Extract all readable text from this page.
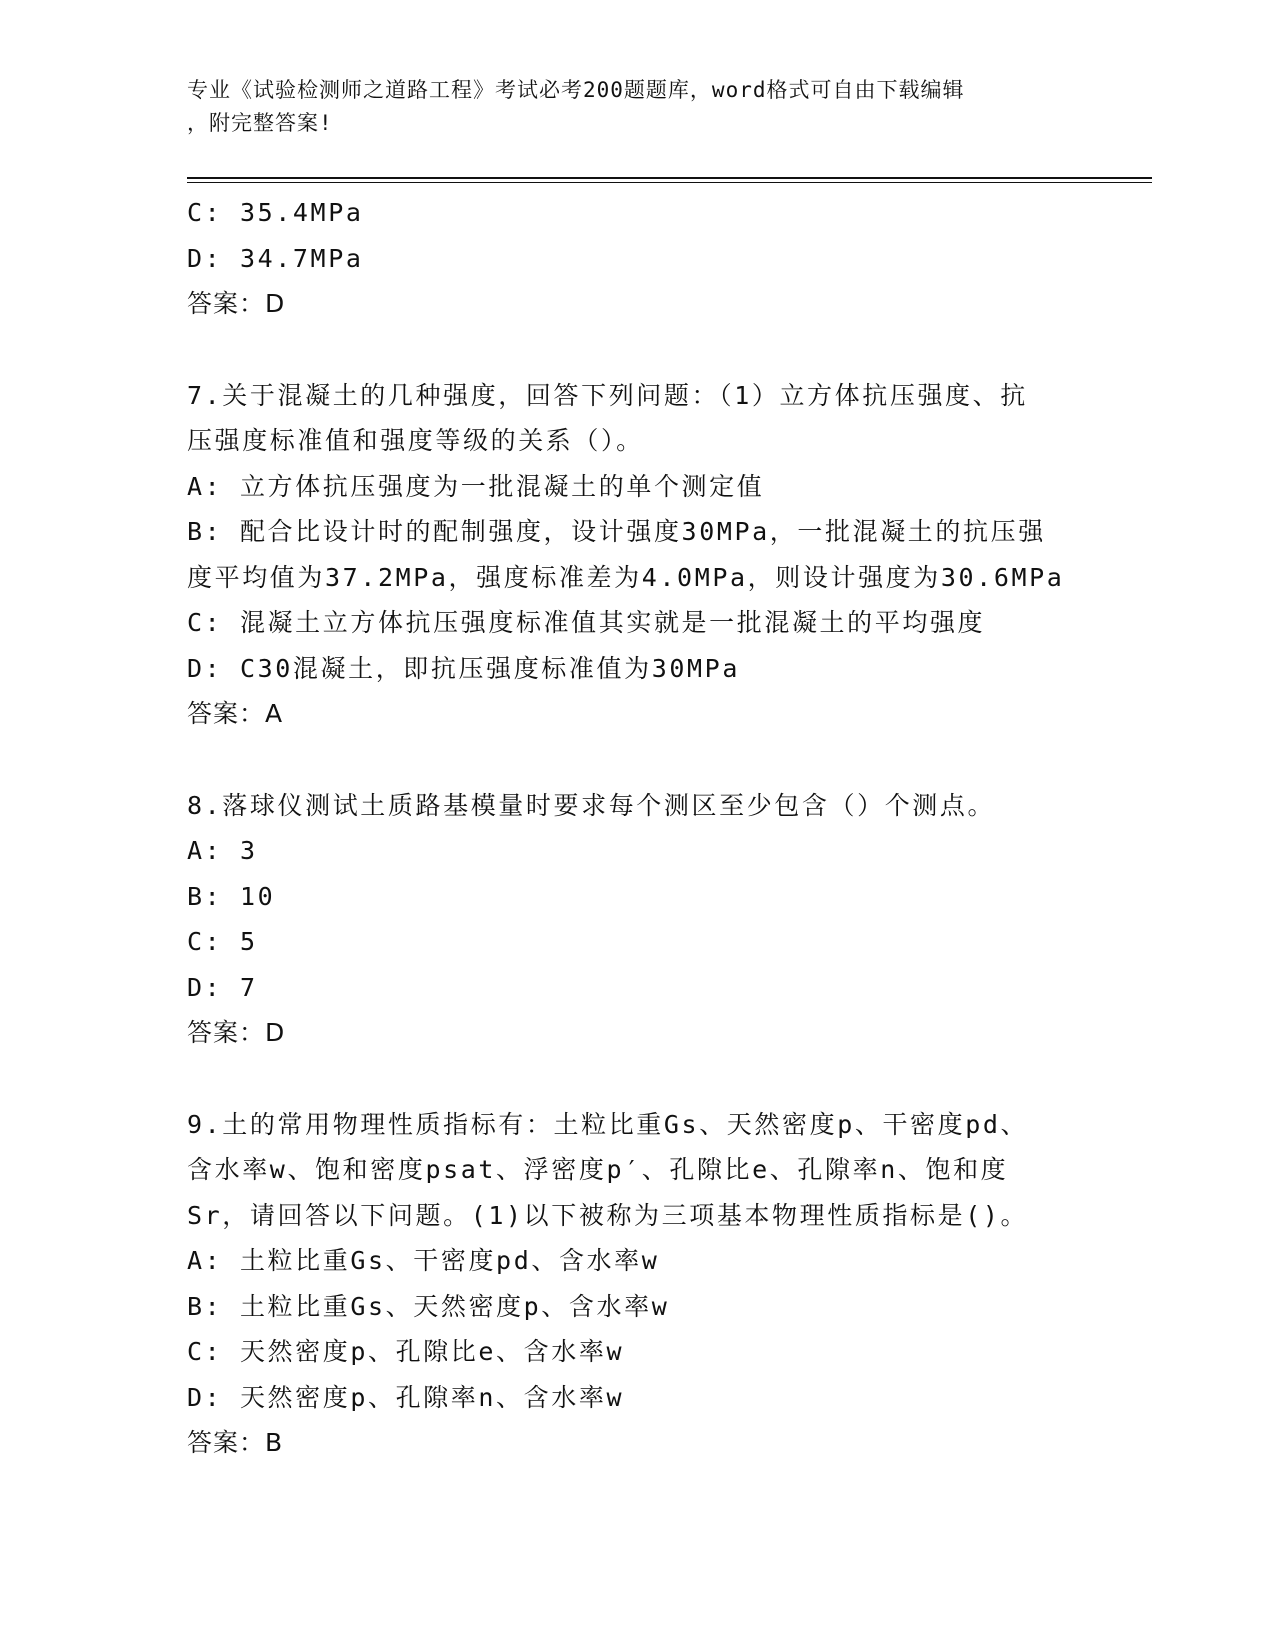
专业《试验检测师之道路工程》考试必考200题题库，word格式可自由下载编辑
，附完整答案!
C: 35.4MPa
D: 34.7MPa
答案：D
7.关于混凝土的几种强度，回答下列问题：（1）立方体抗压强度、抗
压强度标准值和强度等级的关系（）。
A: 立方体抗压强度为一批混凝土的单个测定值
B: 配合比设计时的配制强度，设计强度30MPa，一批混凝土的抗压强
度平均值为37.2MPa，强度标准差为4.0MPa，则设计强度为30.6MPa
C: 混凝土立方体抗压强度标准值其实就是一批混凝土的平均强度
D: C30混凝土，即抗压强度标准值为30MPa
答案：A
8.落球仪测试土质路基模量时要求每个测区至少包含（）个测点。
A: 3
B: 10
C: 5
D: 7
答案：D
9.土的常用物理性质指标有：土粒比重Gs、天然密度p、干密度pd、
含水率w、饱和密度psat、浮密度p′、孔隙比e、孔隙率n、饱和度
Sr，请回答以下问题。(1)以下被称为三项基本物理性质指标是()。
A: 土粒比重Gs、干密度pd、含水率w
B: 土粒比重Gs、天然密度p、含水率w
C: 天然密度p、孔隙比e、含水率w
D: 天然密度p、孔隙率n、含水率w
答案：B
